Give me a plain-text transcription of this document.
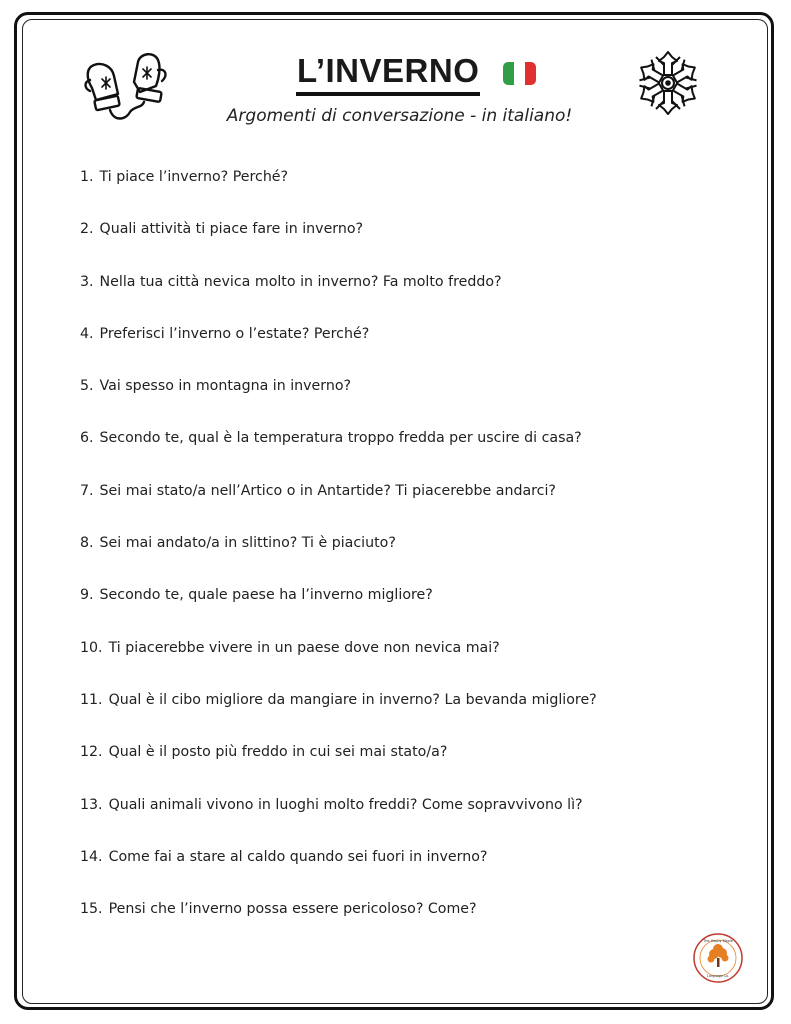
L’INVERNO
Argomenti di conversazione - in italiano!
1. Ti piace l’inverno? Perché?
2. Quali attività ti piace fare in inverno?
3. Nella tua città nevica molto in inverno? Fa molto freddo?
4. Preferisci l’inverno o l’estate? Perché?
5. Vai spesso in montagna in inverno?
6. Secondo te, qual è la temperatura troppo fredda per uscire di casa?
7. Sei mai stato/a nell’Artico o in Antartide? Ti piacerebbe andarci?
8. Sei mai andato/a in slittino? Ti è piaciuto?
9. Secondo te, quale paese ha l’inverno migliore?
10. Ti piacerebbe vivere in un paese dove non nevica mai?
11. Qual è il cibo migliore da mangiare in inverno? La bevanda migliore?
12. Qual è il posto più freddo in cui sei mai stato/a?
13. Quali animali vivono in luoghi molto freddi? Come sopravvivono lì?
14. Come fai a stare al caldo quando sei fuori in inverno?
15. Pensi che l’inverno possa essere pericoloso? Come?
The Happy Maple
Language Co.
